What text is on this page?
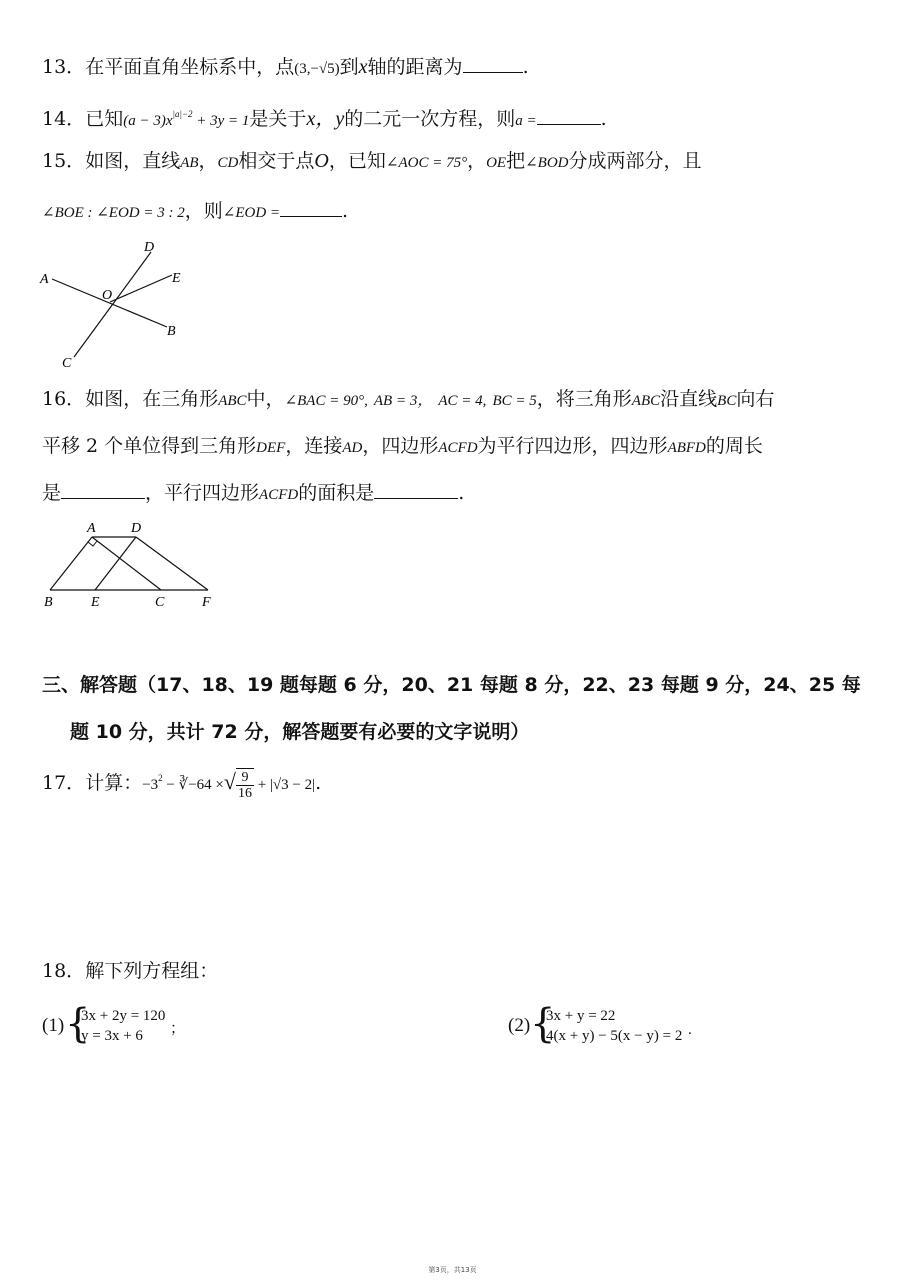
13．在平面直角坐标系中，点(3,−√5)到x轴的距离为	.
14．已知$(a - 3)x^{|a|-2} + 3y = 1$是关于x，y的二元一次方程，则a =	.
15．如图，直线AB，CD相交于点O，已知∠AOC = 75°，OE把∠BOD分成两部分，且
∠BOE : ∠EOD = 3 : 2，则∠EOD =	.
A
D
E
O
B
C
16．如图，在三角形ABC中，∠BAC = 90°, AB = 3， AC = 4, BC = 5，将三角形ABC沿直线BC向右
平移 2 个单位得到三角形DEF，连接AD，四边形ACFD为平行四边形，四边形ABFD的周长
是	，平行四边形ACFD的面积是	.
A	D
B	E	C	F
三、解答题（17、18、19 题每题 6 分，20、21 每题 8 分，22、23 每题 9 分，24、25 每
题 10 分，共计 72 分，解答题要有必要的文字说明）
17．计算：$-3^2$ − ∛−64 ×√ $\frac{9}{16} + |√3 - 2|$.
18．解下列方程组：
(1) {
3x + 2y = 120
y = 3x + 6	；	(2) {
3x + y = 22
4(x + y) − 5(x − y) = 2 .
第3页，共13页
